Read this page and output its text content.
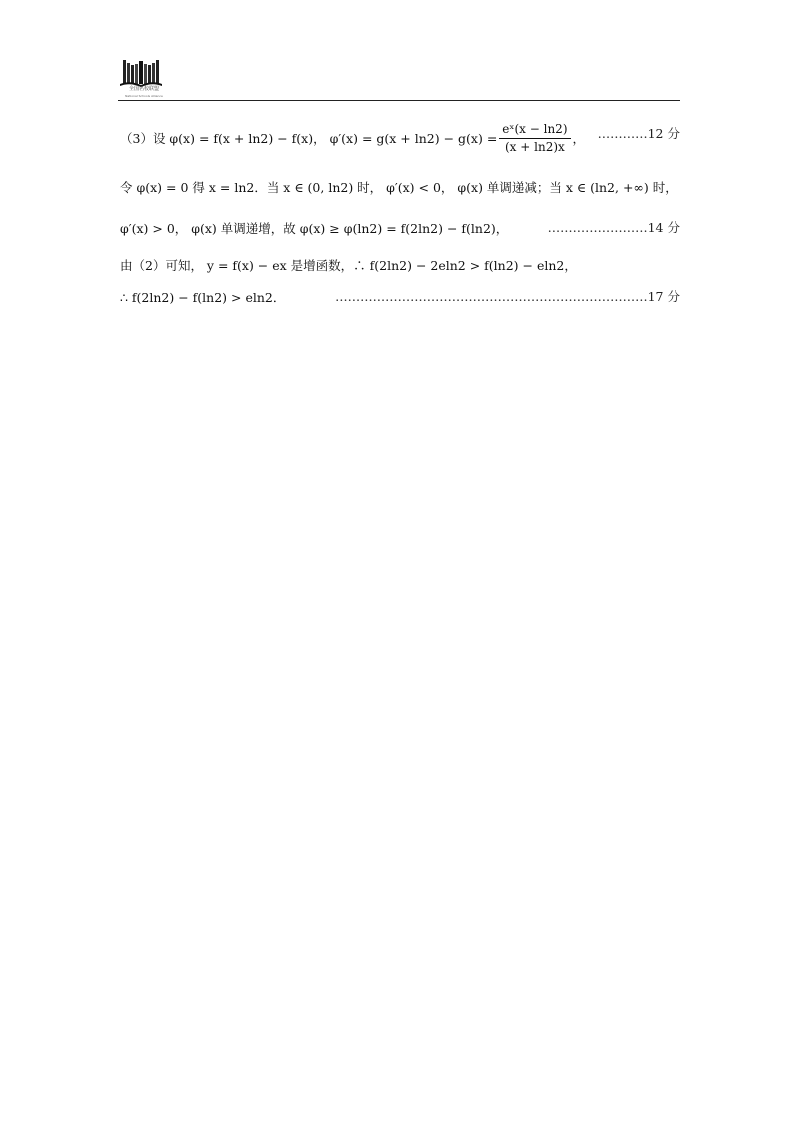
全国名校联盟
National Schools Alliance
（3）设 φ(x) = f(x + ln2) − f(x)， $\varphi'(x) = g(x + \ln 2) - g(x) = \frac{\text{eˣ(x − ln2)}}{(x + \ln 2)x}$ ， …………12 分
令 φ(x) = 0 得 x = ln2．当 x ∈ (0, ln2) 时， φ′(x) < 0， φ(x) 单调递减；当 x ∈ (ln2, +∞) 时，
φ′(x) > 0， φ(x) 单调递增，故 φ(x) ≥ φ(ln2) = f(2ln2) − f(ln2)，	……………………14 分
由（2）可知， y = f(x) − ex 是增函数，∴ f(2ln2) − 2eln2 > f(ln2) − eln2，
∴ f(2ln2) − f(ln2) > eln2．	…………………………………………………………………17 分
